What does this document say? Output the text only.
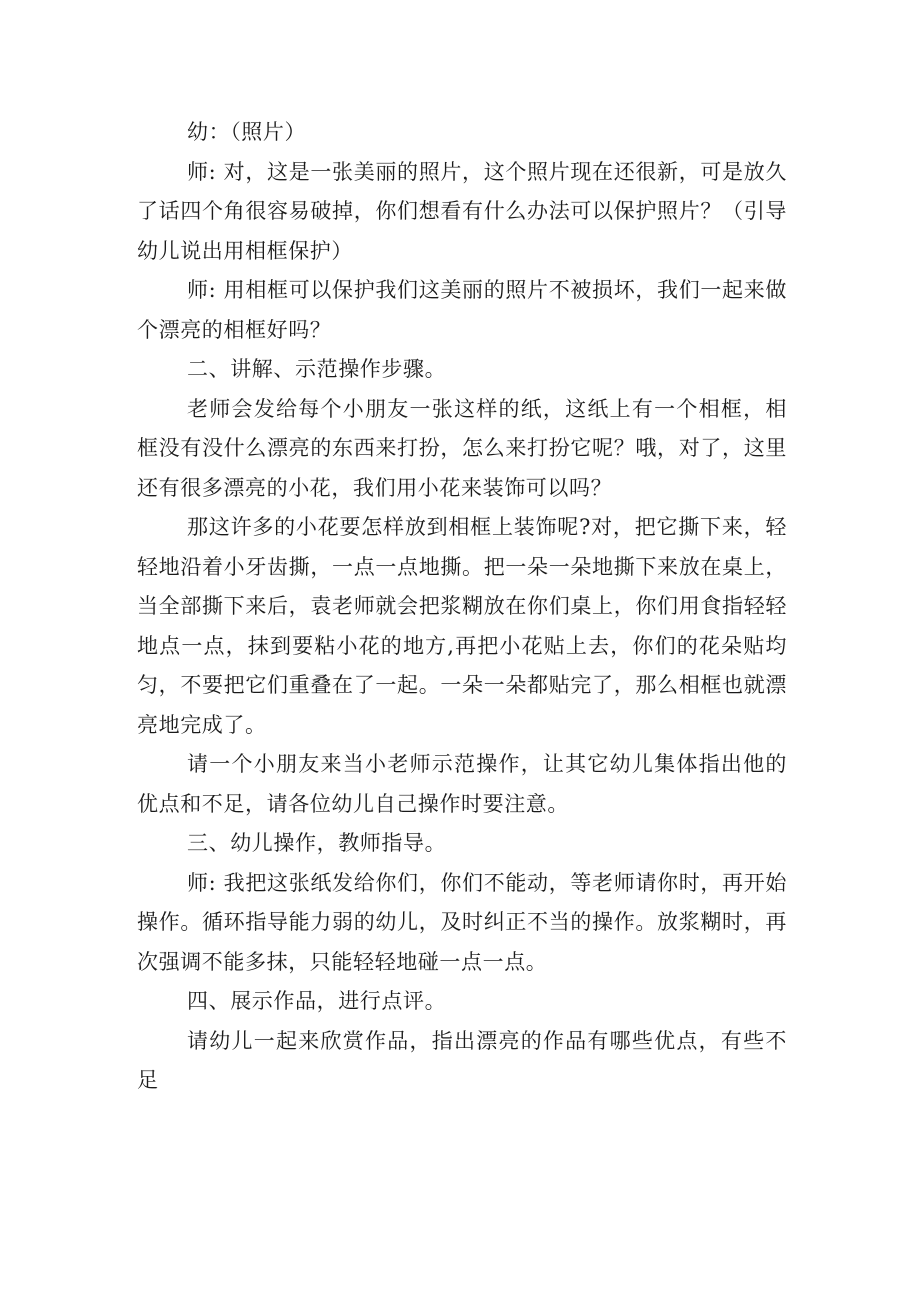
幼：（照片）

师: 对，这是一张美丽的照片，这个照片现在还很新，可是放久了话四个角很容易破掉，你们想看有什么办法可以保护照片？（引导幼儿说出用相框保护）

师: 用相框可以保护我们这美丽的照片不被损坏，我们一起来做个漂亮的相框好吗？

二、讲解、示范操作步骤。

老师会发给每个小朋友一张这样的纸，这纸上有一个相框，相框没有没什么漂亮的东西来打扮，怎么来打扮它呢？哦，对了，这里还有很多漂亮的小花，我们用小花来装饰可以吗？

那这许多的小花要怎样放到相框上装饰呢?对，把它撕下来，轻轻地沿着小牙齿撕，一点一点地撕。把一朵一朵地撕下来放在桌上，当全部撕下来后，袁老师就会把浆糊放在你们桌上，你们用食指轻轻地点一点，抹到要粘小花的地方,再把小花贴上去，你们的花朵贴均匀，不要把它们重叠在了一起。一朵一朵都贴完了，那么相框也就漂亮地完成了。

请一个小朋友来当小老师示范操作，让其它幼儿集体指出他的优点和不足，请各位幼儿自己操作时要注意。

三、幼儿操作，教师指导。

师: 我把这张纸发给你们，你们不能动，等老师请你时，再开始操作。循环指导能力弱的幼儿，及时纠正不当的操作。放浆糊时，再次强调不能多抹，只能轻轻地碰一点一点。

四、展示作品，进行点评。

请幼儿一起来欣赏作品，指出漂亮的作品有哪些优点，有些不足
